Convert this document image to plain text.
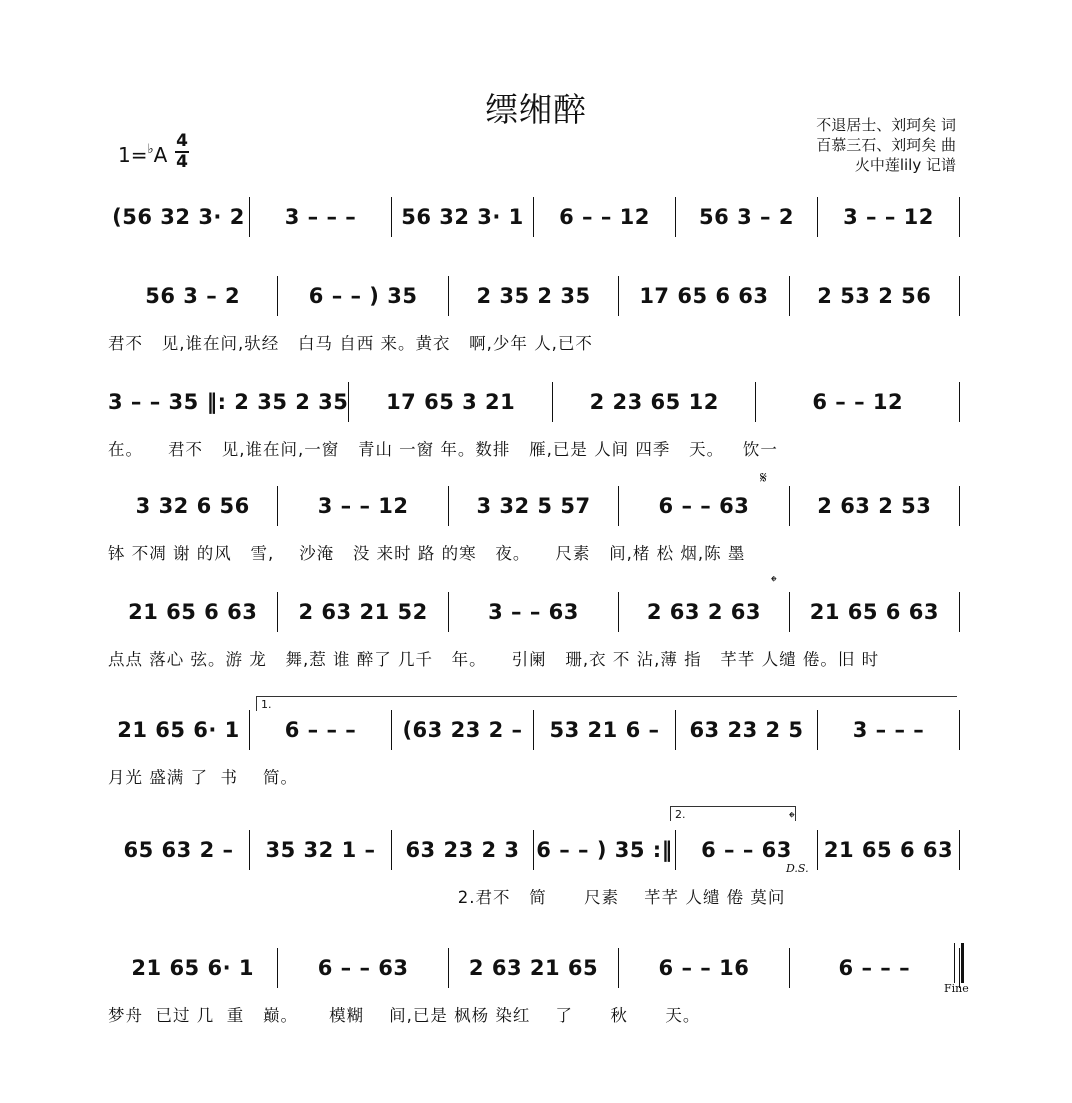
缥缃醉
1=♭A
4
4
不退居士、刘珂矣 词
百慕三石、刘珂矣 曲
火中莲lily 记谱
(56 32 3· 2	3 – – –	56 32 3· 1	6 – – 12	56 3 – 2	3 – – 12
56 3 – 2	6 – – ) 35	2 35 2 35	17 65 6 63	2 53 2 56
君不   见,谁在问,驮经   白马 自西 来。黄衣   啊,少年 人,已不
3 – – 35 ‖: 2 35 2 35	17 65 3 21	2 23 65 12	6 – – 12
在。    君不   见,谁在问,一窗   青山 一窗 年。数排   雁,已是 人间 四季   天。   饮一
3 32 6 56	3 – – 12	3 32 5 57	6 – – 63	2 63 2 53
钵 不凋 谢 的风   雪,    沙淹   没 来时 路 的寒   夜。    尺素   间,楮 松 烟,陈 墨
21 65 6 63	2 63 21 52	3 – – 63	2 63 2 63	21 65 6 63
点点 落心 弦。游 龙   舞,惹 谁 醉了 几千   年。    引阑   珊,衣 不 沾,薄 指   芊芊 人缱 倦。旧 时
21 65 6· 1	6 – – –	(63 23 2 –	53 21 6 –	63 23 2 5	3 – – –
月光 盛满 了  书    简。
65 63 2 –	35 32 1 –	63 23 2 3 6 – – ) 35 :‖	6 – – 63	21 65 6 63
2.君不   简      尺素    芊芊 人缱 倦 莫问
21 65 6· 1	6 – – 63	2 63 21 65	6 – – 16	6 – – –
梦舟  已过 几  重   巅。     模糊    间,已是 枫杨 染红    了      秋      天。
1.
2.
𝄋
𝄌
𝄌
D.S.
Fine
